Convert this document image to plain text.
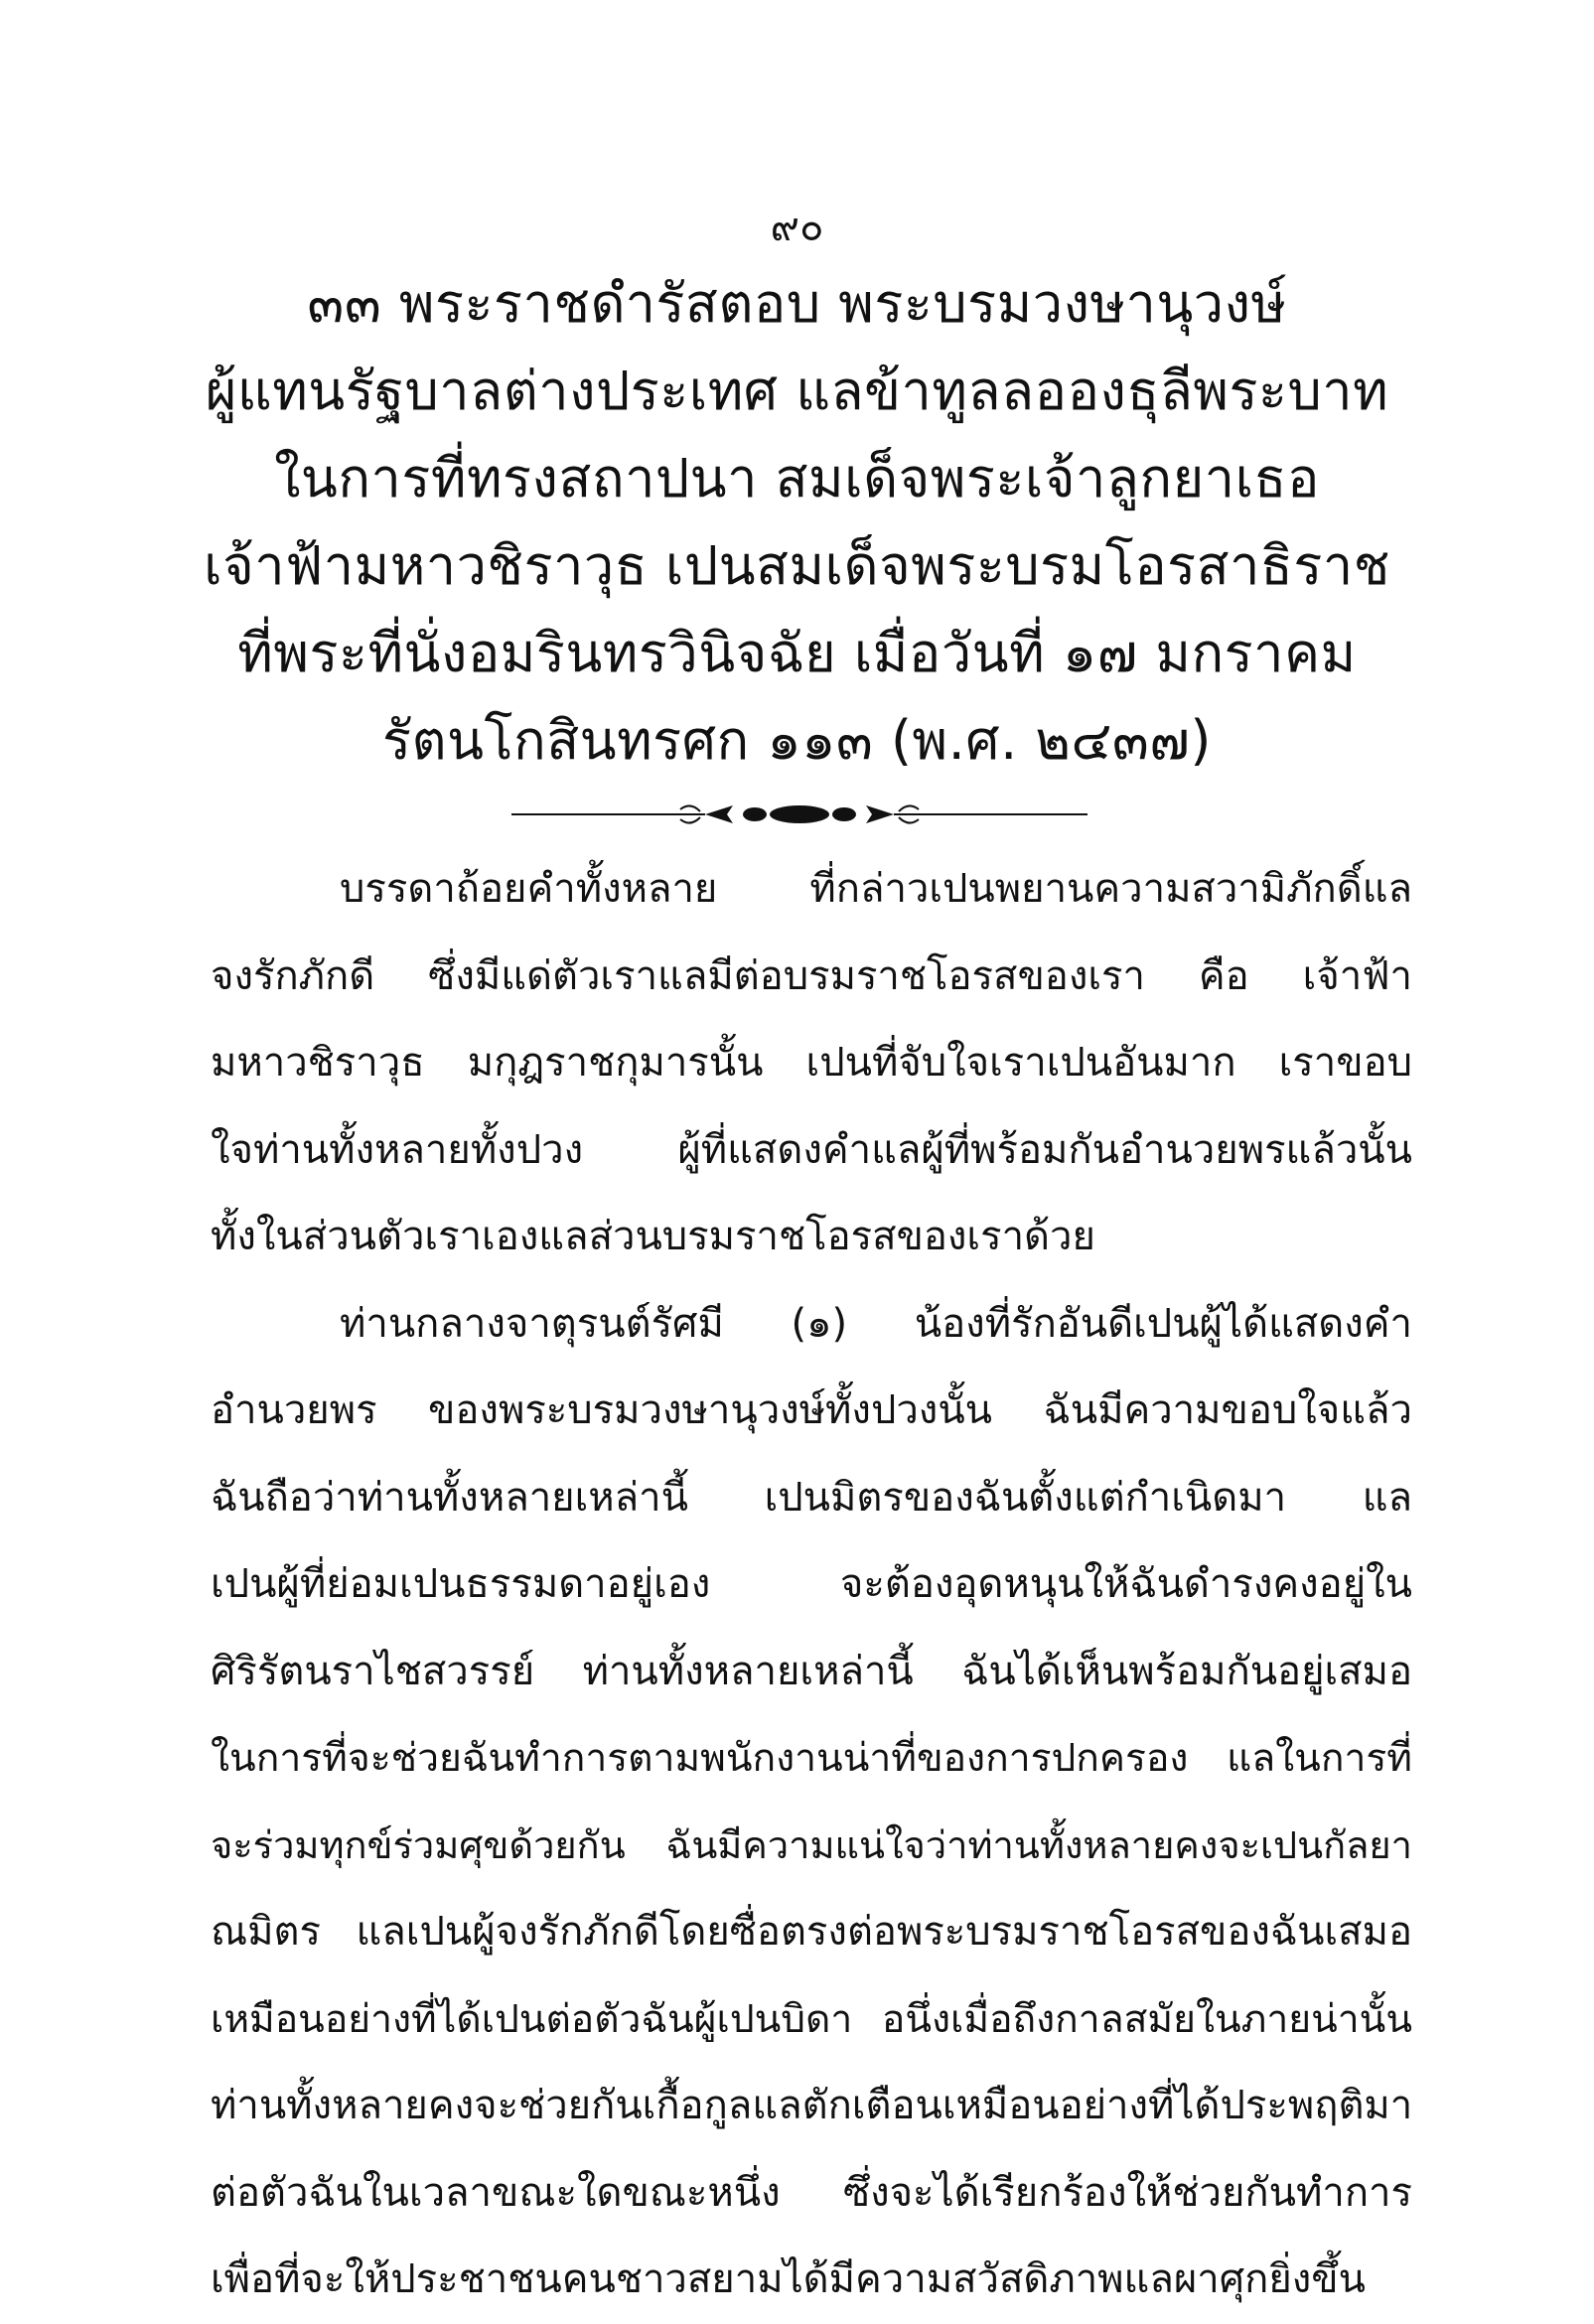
๙๐
๓๓ พระราชดำรัสตอบ พระบรมวงษานุวงษ์
ผู้แทนรัฐบาลต่างประเทศ แลข้าทูลลอองธุลีพระบาท
ในการที่ทรงสถาปนา สมเด็จพระเจ้าลูกยาเธอ
เจ้าฟ้ามหาวชิราวุธ เปนสมเด็จพระบรมโอรสาธิราช
ที่พระที่นั่งอมรินทรวินิจฉัย เมื่อวันที่ ๑๗ มกราคม
รัตนโกสินทรศก ๑๑๓ (พ.ศ. ๒๔๓๗)
บรรดาถ้อยคำทั้งหลาย ที่กล่าวเปนพยานความสวามิภักดิ์แล
จงรักภักดี ซึ่งมีแด่ตัวเราแลมีต่อบรมราชโอรสของเรา คือ เจ้าฟ้า
มหาวชิราวุธ มกุฎราชกุมารนั้น เปนที่จับใจเราเปนอันมาก เราขอบ
ใจท่านทั้งหลายทั้งปวง ผู้ที่แสดงคำแลผู้ที่พร้อมกันอำนวยพรแล้วนั้น
ทั้งในส่วนตัวเราเองแลส่วนบรมราชโอรสของเราด้วย
ท่านกลางจาตุรนต์รัศมี (๑) น้องที่รักอันดีเปนผู้ได้แสดงคำ
อำนวยพร ของพระบรมวงษานุวงษ์ทั้งปวงนั้น ฉันมีความขอบใจแล้ว
ฉันถือว่าท่านทั้งหลายเหล่านี้ เปนมิตรของฉันตั้งแต่กำเนิดมา แล
เปนผู้ที่ย่อมเปนธรรมดาอยู่เอง จะต้องอุดหนุนให้ฉันดำรงคงอยู่ใน
ศิริรัตนราไชสวรรย์ ท่านทั้งหลายเหล่านี้ ฉันได้เห็นพร้อมกันอยู่เสมอ
ในการที่จะช่วยฉันทำการตามพนักงานน่าที่ของการปกครอง แลในการที่
จะร่วมทุกข์ร่วมศุขด้วยกัน ฉันมีความแน่ใจว่าท่านทั้งหลายคงจะเปนกัลยา
ณมิตร แลเปนผู้จงรักภักดีโดยซื่อตรงต่อพระบรมราชโอรสของฉันเสมอ
เหมือนอย่างที่ได้เปนต่อตัวฉันผู้เปนบิดา อนึ่งเมื่อถึงกาลสมัยในภายน่านั้น
ท่านทั้งหลายคงจะช่วยกันเกื้อกูลแลตักเตือนเหมือนอย่างที่ได้ประพฤติมา
ต่อตัวฉันในเวลาขณะใดขณะหนึ่ง ซึ่งจะได้เรียกร้องให้ช่วยกันทำการ
เพื่อที่จะให้ประชาชนคนชาวสยามได้มีความสวัสดิภาพแลผาศุกยิ่งขึ้น
